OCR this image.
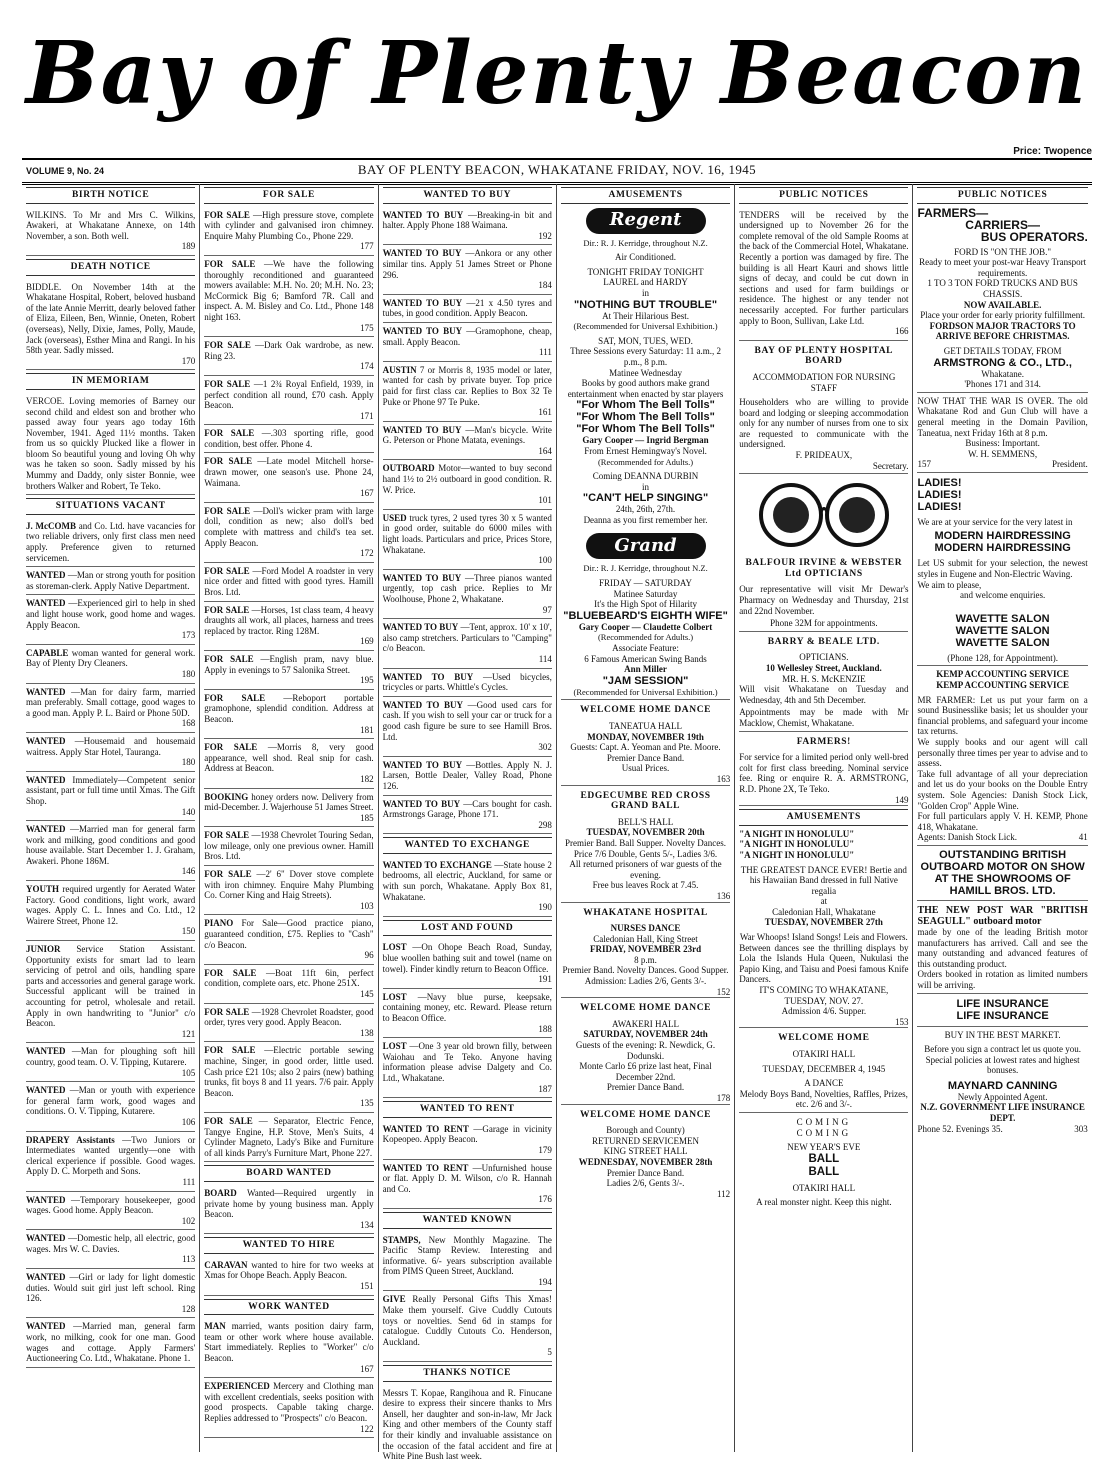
Bay of Plenty Beacon
Price: Twopence
VOLUME 9, No. 24	BAY OF PLENTY BEACON, WHAKATANE FRIDAY, NOV. 16, 1945
BIRTH NOTICE

WILKINS. To Mr and Mrs C. Wilkins, Awakeri, at Whakatane Annexe, on 14th November, a son. Both well.

189
DEATH NOTICE

BIDDLE. On November 14th at the Whakatane Hospital, Robert, beloved husband of the late Annie Merritt, dearly beloved father of Eliza, Eileen, Ben, Winnie, Oneten, Robert (overseas), Nelly, Dixie, James, Polly, Maude, Jack (overseas), Esther Mina and Rangi. In his 58th year. Sadly missed.

170
IN MEMORIAM

VERCOE. Loving memories of Barney our second child and eldest son and brother who passed away four years ago today 16th November, 1941. Aged 11½ months. Taken from us so quickly Plucked like a flower in bloom So beautiful young and loving Oh why was he taken so soon. Sadly missed by his Mummy and Daddy, only sister Bonnie, wee brothers Walker and Robert, Te Teko.

SITUATIONS VACANT

J. McCOMB and Co. Ltd. have vacancies for two reliable drivers, only first class men need apply. Preference given to returned servicemen.

WANTED —Man or strong youth for position as storeman-clerk. Apply Native Department.

WANTED —Experienced girl to help in shed and light house work, good home and wages. Apply Beacon.

173

CAPABLE woman wanted for general work. Bay of Plenty Dry Cleaners.

180

WANTED —Man for dairy farm, married man preferably. Small cottage, good wages to a good man. Apply P. L. Baird or Phone 50D.

168

WANTED —Housemaid and housemaid waitress. Apply Star Hotel, Tauranga.

180

WANTED Immediately—Competent senior assistant, part or full time until Xmas. The Gift Shop.

140

WANTED —Married man for general farm work and milking, good conditions and good house available. Start December 1. J. Graham, Awakeri. Phone 186M.

146

YOUTH required urgently for Aerated Water Factory. Good conditions, light work, award wages. Apply C. L. Innes and Co. Ltd., 12 Wairere Street, Phone 12.

150

JUNIOR Service Station Assistant. Opportunity exists for smart lad to learn servicing of petrol and oils, handling spare parts and accessories and general garage work. Successful applicant will be trained in accounting for petrol, wholesale and retail. Apply in own handwriting to "Junior" c/o Beacon.

121

WANTED —Man for ploughing soft hill country, good team. O. V. Tipping, Kutarere.

105

WANTED —Man or youth with experience for general farm work, good wages and conditions. O. V. Tipping, Kutarere.

106

DRAPERY Assistants —Two Juniors or Intermediates wanted urgently—one with clerical experience if possible. Good wages. Apply D. C. Morpeth and Sons.

111

WANTED —Temporary housekeeper, good wages. Good home. Apply Beacon.

102

WANTED —Domestic help, all electric, good wages. Mrs W. C. Davies.

113

WANTED —Girl or lady for light domestic duties. Would suit girl just left school. Ring 126.

128

WANTED —Married man, general farm work, no milking, cook for one man. Good wages and cottage. Apply Farmers' Auctioneering Co. Ltd., Whakatane. Phone 1.

FOR SALE

FOR SALE —High pressure stove, complete with cylinder and galvanised iron chimney. Enquire Mahy Plumbing Co., Phone 229.

177

FOR SALE —We have the following thoroughly reconditioned and guaranteed mowers available: M.H. No. 20; M.H. No. 23; McCormick Big 6; Bamford 7R. Call and inspect. A. M. Bisley and Co. Ltd., Phone 148 night 163.

175

FOR SALE —Dark Oak wardrobe, as new. Ring 23.

174

FOR SALE —1 2¾ Royal Enfield, 1939, in perfect condition all round, £70 cash. Apply Beacon.

171

FOR SALE —.303 sporting rifle, good condition, best offer. Phone 4.

FOR SALE —Late model Mitchell horse-drawn mower, one season's use. Phone 24, Waimana.

167

FOR SALE —Doll's wicker pram with large doll, condition as new; also doll's bed complete with mattress and child's tea set. Apply Beacon.

172

FOR SALE —Ford Model A roadster in very nice order and fitted with good tyres. Hamill Bros. Ltd.

FOR SALE —Horses, 1st class team, 4 heavy draughts all work, all places, harness and trees replaced by tractor. Ring 128M.

169

FOR SALE —English pram, navy blue. Apply in evenings to 57 Salonika Street.

195

FOR SALE —Reboport portable gramophone, splendid condition. Address at Beacon.

181

FOR SALE —Morris 8, very good appearance, well shod. Real snip for cash. Address at Beacon.

182

BOOKING honey orders now. Delivery from mid-December. J. Wajerhouse 51 James Street.

185

FOR SALE —1938 Chevrolet Touring Sedan, low mileage, only one previous owner. Hamill Bros. Ltd.

FOR SALE —2' 6" Dover stove complete with iron chimney. Enquire Mahy Plumbing Co. Corner King and Haig Streets).

103

PIANO For Sale—Good practice piano, guaranteed condition, £75. Replies to "Cash" c/o Beacon.

96

FOR SALE —Boat 11ft 6in, perfect condition, complete oars, etc. Phone 251X.

145

FOR SALE —1928 Chevrolet Roadster, good order, tyres very good. Apply Beacon.

138

FOR SALE —Electric portable sewing machine, Singer, in good order, little used. Cash price £21 10s; also 2 pairs (new) bathing trunks, fit boys 8 and 11 years. 7/6 pair. Apply Beacon.

135

FOR SALE — Separator, Electric Fence, Tangye Engine, H.P. Stove, Men's Suits, 4 Cylinder Magneto, Lady's Bike and Furniture of all kinds Parry's Furniture Mart, Phone 227.

BOARD WANTED

BOARD Wanted—Required urgently in private home by young business man. Apply Beacon.

134
WANTED TO HIRE

CARAVAN wanted to hire for two weeks at Xmas for Ohope Beach. Apply Beacon.

151
WORK WANTED

MAN married, wants position dairy farm, team or other work where house available. Start immediately. Replies to "Worker" c/o Beacon.

167

EXPERIENCED Mercery and Clothing man with excellent credentials, seeks position with good prospects. Capable taking charge. Replies addressed to "Prospects" c/o Beacon.

122
WANTED TO BUY

WANTED TO BUY —Breaking-in bit and halter. Apply Phone 188 Waimana.

192

WANTED TO BUY —Ankora or any other similar tins. Apply 51 James Street or Phone 296.

184

WANTED TO BUY —21 x 4.50 tyres and tubes, in good condition. Apply Beacon.

WANTED TO BUY —Gramophone, cheap, small. Apply Beacon.

111

AUSTIN 7 or Morris 8, 1935 model or later, wanted for cash by private buyer. Top price paid for first class car. Replies to Box 32 Te Puke or Phone 97 Te Puke.

161

WANTED TO BUY —Man's bicycle. Write G. Peterson or Phone Matata, evenings.

164

OUTBOARD Motor—wanted to buy second hand 1½ to 2½ outboard in good condition. R. W. Price.

101

USED truck tyres, 2 used tyres 30 x 5 wanted in good order, suitable do 6000 miles with light loads. Particulars and price, Prices Store, Whakatane.

100

WANTED TO BUY —Three pianos wanted urgently, top cash price. Replies to Mr Woolhouse, Phone 2, Whakatane.

97

WANTED TO BUY —Tent, approx. 10' x 10', also camp stretchers. Particulars to "Camping" c/o Beacon.

114

WANTED TO BUY —Used bicycles, tricycles or parts. Whittle's Cycles.

WANTED TO BUY —Good used cars for cash. If you wish to sell your car or truck for a good cash figure be sure to see Hamill Bros. Ltd.

302

WANTED TO BUY —Bottles. Apply N. J. Larsen, Bottle Dealer, Valley Road, Phone 126.

WANTED TO BUY —Cars bought for cash. Armstrongs Garage, Phone 171.

298
WANTED TO EXCHANGE

WANTED TO EXCHANGE —State house 2 bedrooms, all electric, Auckland, for same or with sun porch, Whakatane. Apply Box 81, Whakatane.

190
LOST AND FOUND

LOST —On Ohope Beach Road, Sunday, blue woollen bathing suit and towel (name on towel). Finder kindly return to Beacon Office.

191

LOST —Navy blue purse, keepsake, containing money, etc. Reward. Please return to Beacon Office.

188

LOST —One 3 year old brown filly, between Waiohau and Te Teko. Anyone having information please advise Dalgety and Co. Ltd., Whakatane.

187
WANTED TO RENT

WANTED TO RENT —Garage in vicinity Kopeopeo. Apply Beacon.

179

WANTED TO RENT —Unfurnished house or flat. Apply D. M. Wilson, c/o R. Hannah and Co.

176
WANTED KNOWN

STAMPS, New Monthly Magazine. The Pacific Stamp Review. Interesting and informative. 6/- years subscription available from PIMS Queen Street, Auckland.

194

GIVE Really Personal Gifts This Xmas! Make them yourself. Give Cuddly Cutouts toys or novelties. Send 6d in stamps for catalogue. Cuddly Cutouts Co. Henderson, Auckland.

5
THANKS NOTICE

Messrs T. Kopae, Rangihoua and R. Finucane desire to express their sincere thanks to Mrs Ansell, her daughter and son-in-law, Mr Jack King and other members of the County staff for their kindly and invaluable assistance on the occasion of the fatal accident and fire at White Pine Bush last week.

AMUSEMENTS
Regent
Dir.: R. J. Kerridge, throughout N.Z.
Air Conditioned.
TONIGHT FRIDAY TONIGHT
LAUREL and HARDY
in
"NOTHING BUT TROUBLE"
At Their Hilarious Best.
(Recommended for Universal Exhibition.)
SAT, MON, TUES, WED.
Three Sessions every Saturday: 11 a.m., 2 p.m., 8 p.m.
Matinee Wednesday
Books by good authors make grand entertainment when enacted by star players
"For Whom The Bell Tolls"
"For Whom The Bell Tolls"
"For Whom The Bell Tolls"
Gary Cooper — Ingrid Bergman
From Ernest Hemingway's Novel.
(Recommended for Adults.)
Coming DEANNA DURBIN
in
"CAN'T HELP SINGING"
24th, 26th, 27th.
Deanna as you first remember her.
Grand
Dir.: R. J. Kerridge, throughout N.Z.
FRIDAY — SATURDAY
Matinee Saturday
It's the High Spot of Hilarity
"BLUEBEARD'S EIGHTH WIFE"
Gary Cooper — Claudette Colbert
(Recommended for Adults.)
Associate Feature:
6 Famous American Swing Bands
Ann Miller
"JAM SESSION"
(Recommended for Universal Exhibition.)
WELCOME HOME DANCE
TANEATUA HALL
MONDAY, NOVEMBER 19th
Guests: Capt. A. Yeoman and Pte. Moore.
Premier Dance Band.
Usual Prices.
163
EDGECUMBE RED CROSS GRAND BALL
BELL'S HALL
TUESDAY, NOVEMBER 20th
Premier Band. Ball Supper. Novelty Dances.
Price 7/6 Double, Gents 5/-, Ladies 3/6.
All returned prisoners of war guests of the evening.
Free bus leaves Rock at 7.45.
136
WHAKATANE HOSPITAL
NURSES DANCE
Caledonian Hall, King Street
FRIDAY, NOVEMBER 23rd
8 p.m.
Premier Band. Novelty Dances. Good Supper.
Admission: Ladies 2/6, Gents 3/-.
152
WELCOME HOME DANCE
AWAKERI HALL
SATURDAY, NOVEMBER 24th
Guests of the evening: R. Newdick, G. Dodunski.
Monte Carlo £6 prize last heat, Final December 22nd.
Premier Dance Band.
178
WELCOME HOME DANCE
Borough and County)
RETURNED SERVICEMEN
KING STREET HALL
WEDNESDAY, NOVEMBER 28th
Premier Dance Band.
Ladies 2/6, Gents 3/-.
112
PUBLIC NOTICES

TENDERS will be received by the undersigned up to November 26 for the complete removal of the old Sample Rooms at the back of the Commercial Hotel, Whakatane. Recently a portion was damaged by fire. The building is all Heart Kauri and shows little signs of decay, and could be cut down in sections and used for farm buildings or residence. The highest or any tender not necessarily accepted. For further particulars apply to Boon, Sullivan, Lake Ltd.

166
BAY OF PLENTY HOSPITAL BOARD
ACCOMMODATION FOR NURSING STAFF

Householders who are willing to provide board and lodging or sleeping accommodation only for any number of nurses from one to six are requested to communicate with the undersigned.

F. PRIDEAUX,
Secretary.
BALFOUR IRVINE & WEBSTER Ltd OPTICIANS

Our representative will visit Mr Dewar's Pharmacy on Wednesday and Thursday, 21st and 22nd November.

Phone 32M for appointments.
BARRY & BEALE LTD.
OPTICIANS.
10 Wellesley Street, Auckland.
MR. H. S. McKENZIE

Will visit Whakatane on Tuesday and Wednesday, 4th and 5th December.

Appointments may be made with Mr Macklow, Chemist, Whakatane.

FARMERS!

For service for a limited period only well-bred colt for first class breeding. Nominal service fee. Ring or enquire R. A. ARMSTRONG, R.D. Phone 2X, Te Teko.

149
AMUSEMENTS
"A NIGHT IN HONOLULU"
"A NIGHT IN HONOLULU"
"A NIGHT IN HONOLULU"
THE GREATEST DANCE EVER! Bertie and his Hawaiian Band dressed in full Native regalia
at
Caledonian Hall, Whakatane
TUESDAY, NOVEMBER 27th
War Whoops! Island Songs! Leis and Flowers.

Between dances see the thrilling displays by Lola the Islands Hula Queen, Nukulasi the Papio King, and Taisu and Poesi famous Knife Dancers.

IT'S COMING TO WHAKATANE, TUESDAY, NOV. 27.
Admission 4/6. Supper.
153
WELCOME HOME
OTAKIRI HALL
TUESDAY, DECEMBER 4, 1945
A DANCE
Melody Boys Band, Novelties, Raffles, Prizes, etc. 2/6 and 3/-.
COMING
COMING
NEW YEAR'S EVE
BALL
BALL
OTAKIRI HALL
A real monster night. Keep this night.
PUBLIC NOTICES
FARMERS—
CARRIERS—
BUS OPERATORS.
FORD IS "ON THE JOB."
Ready to meet your post-war Heavy Transport requirements.
1 TO 3 TON FORD TRUCKS AND BUS CHASSIS.
NOW AVAILABLE.
Place your order for early priority fulfillment.
FORDSON MAJOR TRACTORS TO ARRIVE BEFORE CHRISTMAS.
GET DETAILS TODAY, FROM
ARMSTRONG & CO., LTD.,
Whakatane.
'Phones 171 and 314.

NOW THAT THE WAR IS OVER. The old Whakatane Rod and Gun Club will have a general meeting in the Domain Pavilion, Taneatua, next Friday 16th at 8 p.m.

Business: Important.
W. H. SEMMENS,
157	President.
LADIES!
LADIES!
LADIES!

We are at your service for the very latest in

MODERN HAIRDRESSING
MODERN HAIRDRESSING

Let US submit for your selection, the newest styles in Eugene and Non-Electric Waving.

We aim to please,
and welcome enquiries.
WAVETTE SALON
WAVETTE SALON
WAVETTE SALON
(Phone 128, for Appointment).
KEMP ACCOUNTING SERVICE
KEMP ACCOUNTING SERVICE

MR FARMER: Let us put your farm on a sound Businesslike basis; let us shoulder your financial problems, and safeguard your income tax returns.

We supply books and our agent will call personally three times per year to advise and to assess.

Take full advantage of all your depreciation and let us do your books on the Double Entry system. Sole Agencies: Danish Stock Lick, "Golden Crop" Apple Wine.

For full particulars apply V. H. KEMP, Phone 418, Whakatane.

Agents: Danish Stock Lick.	41
OUTSTANDING BRITISH OUTBOARD MOTOR ON SHOW AT THE SHOWROOMS OF HAMILL BROS. LTD.
THE NEW POST WAR "BRITISH SEAGULL" outboard motor

made by one of the leading British motor manufacturers has arrived. Call and see the many outstanding and advanced features of this outstanding product.

Orders booked in rotation as limited numbers will be arriving.

LIFE INSURANCE
LIFE INSURANCE
BUY IN THE BEST MARKET.
Before you sign a contract let us quote you.
Special policies at lowest rates and highest bonuses.
MAYNARD CANNING
Newly Appointed Agent.
N.Z. GOVERNMENT LIFE INSURANCE DEPT.
Phone 52. Evenings 35.	303
